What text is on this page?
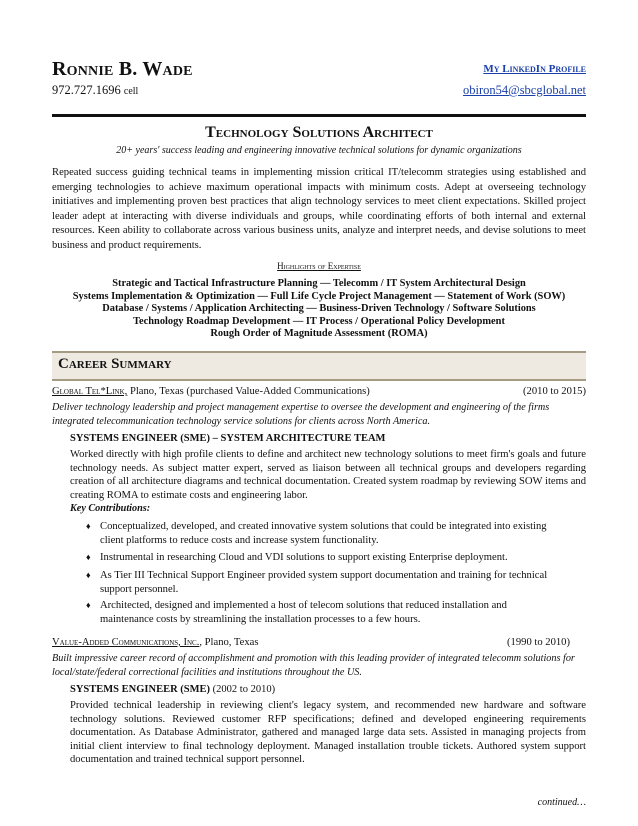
Ronnie B. Wade	My LinkedIn Profile
972.727.1696 cell	obiron54@sbcglobal.net
Technology Solutions Architect
20+ years' success leading and engineering innovative technical solutions for dynamic organizations
Repeated success guiding technical teams in implementing mission critical IT/telecomm strategies using established and emerging technologies to achieve maximum operational impacts with minimum costs. Adept at overseeing technology initiatives and implementing proven best practices that align technology services to meet client expectations. Skilled project leader adept at interacting with diverse individuals and groups, while coordinating efforts of both internal and external resources. Keen ability to collaborate across various business units, analyze and interpret needs, and devise solutions to meet business and product requirements.
Highlights of Expertise
Strategic and Tactical Infrastructure Planning — Telecomm / IT System Architectural Design
Systems Implementation & Optimization — Full Life Cycle Project Management — Statement of Work (SOW)
Database / Systems / Application Architecting — Business-Driven Technology / Software Solutions
Technology Roadmap Development — IT Process / Operational Policy Development
Rough Order of Magnitude Assessment (ROMA)
Career Summary
Global Tel*Link, Plano, Texas (purchased Value-Added Communications)	(2010 to 2015)
Deliver technology leadership and project management expertise to oversee the development and engineering of the firms integrated telecommunication technology service solutions for clients across North America.
SYSTEMS ENGINEER (SME) – SYSTEM ARCHITECTURE TEAM
Worked directly with high profile clients to define and architect new technology solutions to meet firm's goals and future technology needs. As subject matter expert, served as liaison between all technical groups and developers regarding creation of all architecture diagrams and technical documentation. Created system roadmap by reviewing SOW items and creating ROMA to estimate costs and engineering labor.
Key Contributions:
♦ Conceptualized, developed, and created innovative system solutions that could be integrated into existing client platforms to reduce costs and increase system functionality.
♦ Instrumental in researching Cloud and VDI solutions to support existing Enterprise deployment.
♦ As Tier III Technical Support Engineer provided system support documentation and training for technical support personnel.
♦ Architected, designed and implemented a host of telecom solutions that reduced installation and maintenance costs by streamlining the installation processes to a few hours.
Value-Added Communications, Inc., Plano, Texas	(1990 to 2010)
Built impressive career record of accomplishment and promotion with this leading provider of integrated telecomm solutions for local/state/federal correctional facilities and institutions throughout the US.
SYSTEMS ENGINEER (SME) (2002 to 2010)
Provided technical leadership in reviewing client's legacy system, and recommended new hardware and software technology solutions. Reviewed customer RFP specifications; defined and developed engineering requirements documentation. As Database Administrator, gathered and managed large data sets. Assisted in managing projects from initial client interview to final technology deployment. Managed installation trouble tickets. Authored system support documentation and trained technical support personnel.
continued…
